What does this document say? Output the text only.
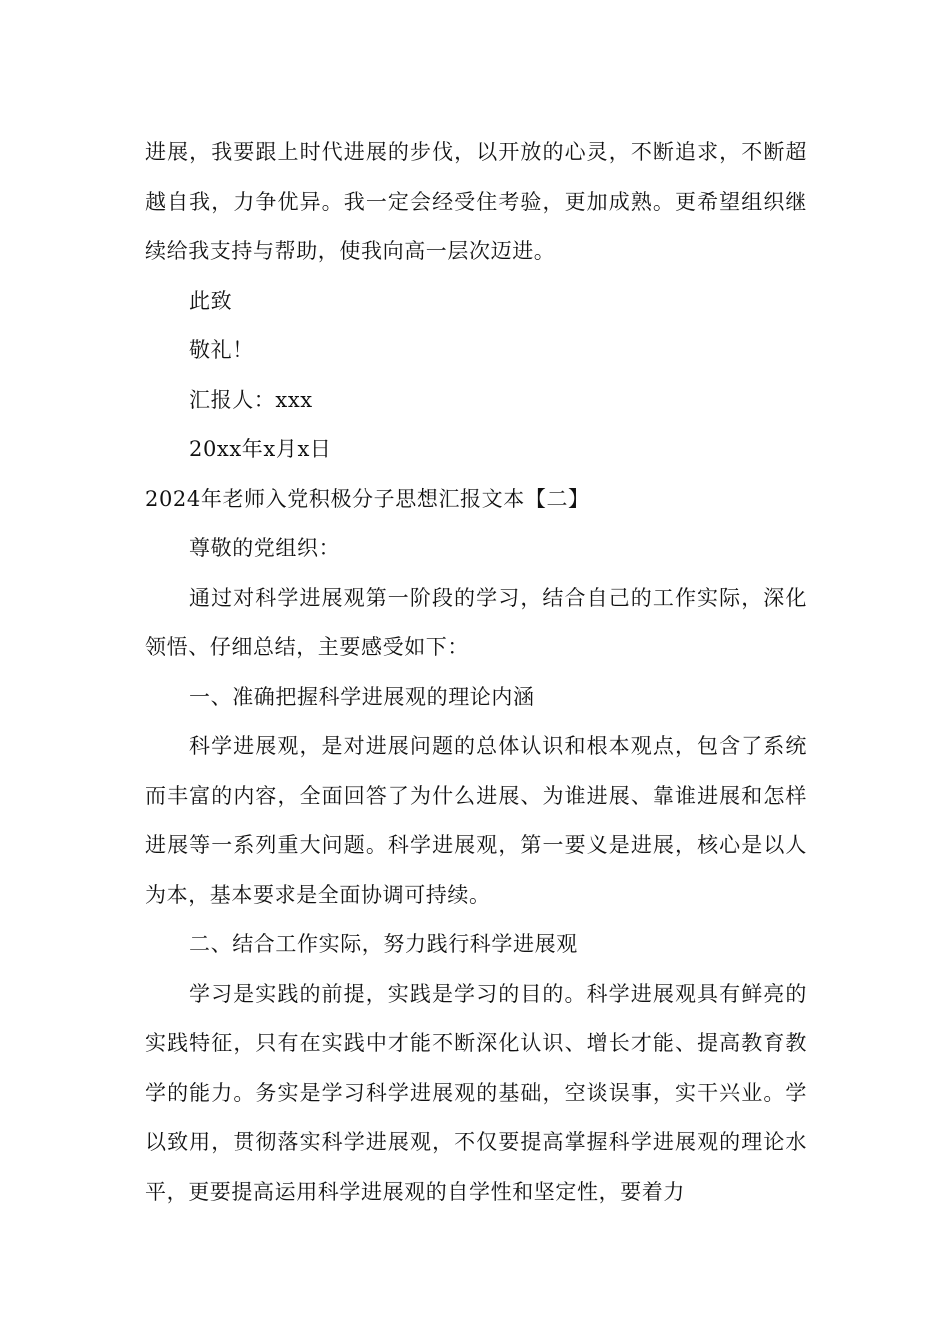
进展，我要跟上时代进展的步伐，以开放的心灵，不断追求，不断超越自我，力争优异。我一定会经受住考验，更加成熟。更希望组织继续给我支持与帮助，使我向高一层次迈进。

此致

敬礼！

汇报人：xxx

20xx年x月x日

2024年老师入党积极分子思想汇报文本【二】

尊敬的党组织：

通过对科学进展观第一阶段的学习，结合自己的工作实际，深化领悟、仔细总结，主要感受如下：

一、准确把握科学进展观的理论内涵

科学进展观，是对进展问题的总体认识和根本观点，包含了系统而丰富的内容，全面回答了为什么进展、为谁进展、靠谁进展和怎样进展等一系列重大问题。科学进展观，第一要义是进展，核心是以人为本，基本要求是全面协调可持续。

二、结合工作实际，努力践行科学进展观

学习是实践的前提，实践是学习的目的。科学进展观具有鲜亮的实践特征，只有在实践中才能不断深化认识、增长才能、提高教育教学的能力。务实是学习科学进展观的基础，空谈误事，实干兴业。学以致用，贯彻落实科学进展观，不仅要提高掌握科学进展观的理论水平，更要提高运用科学进展观的自学性和坚定性，要着力
